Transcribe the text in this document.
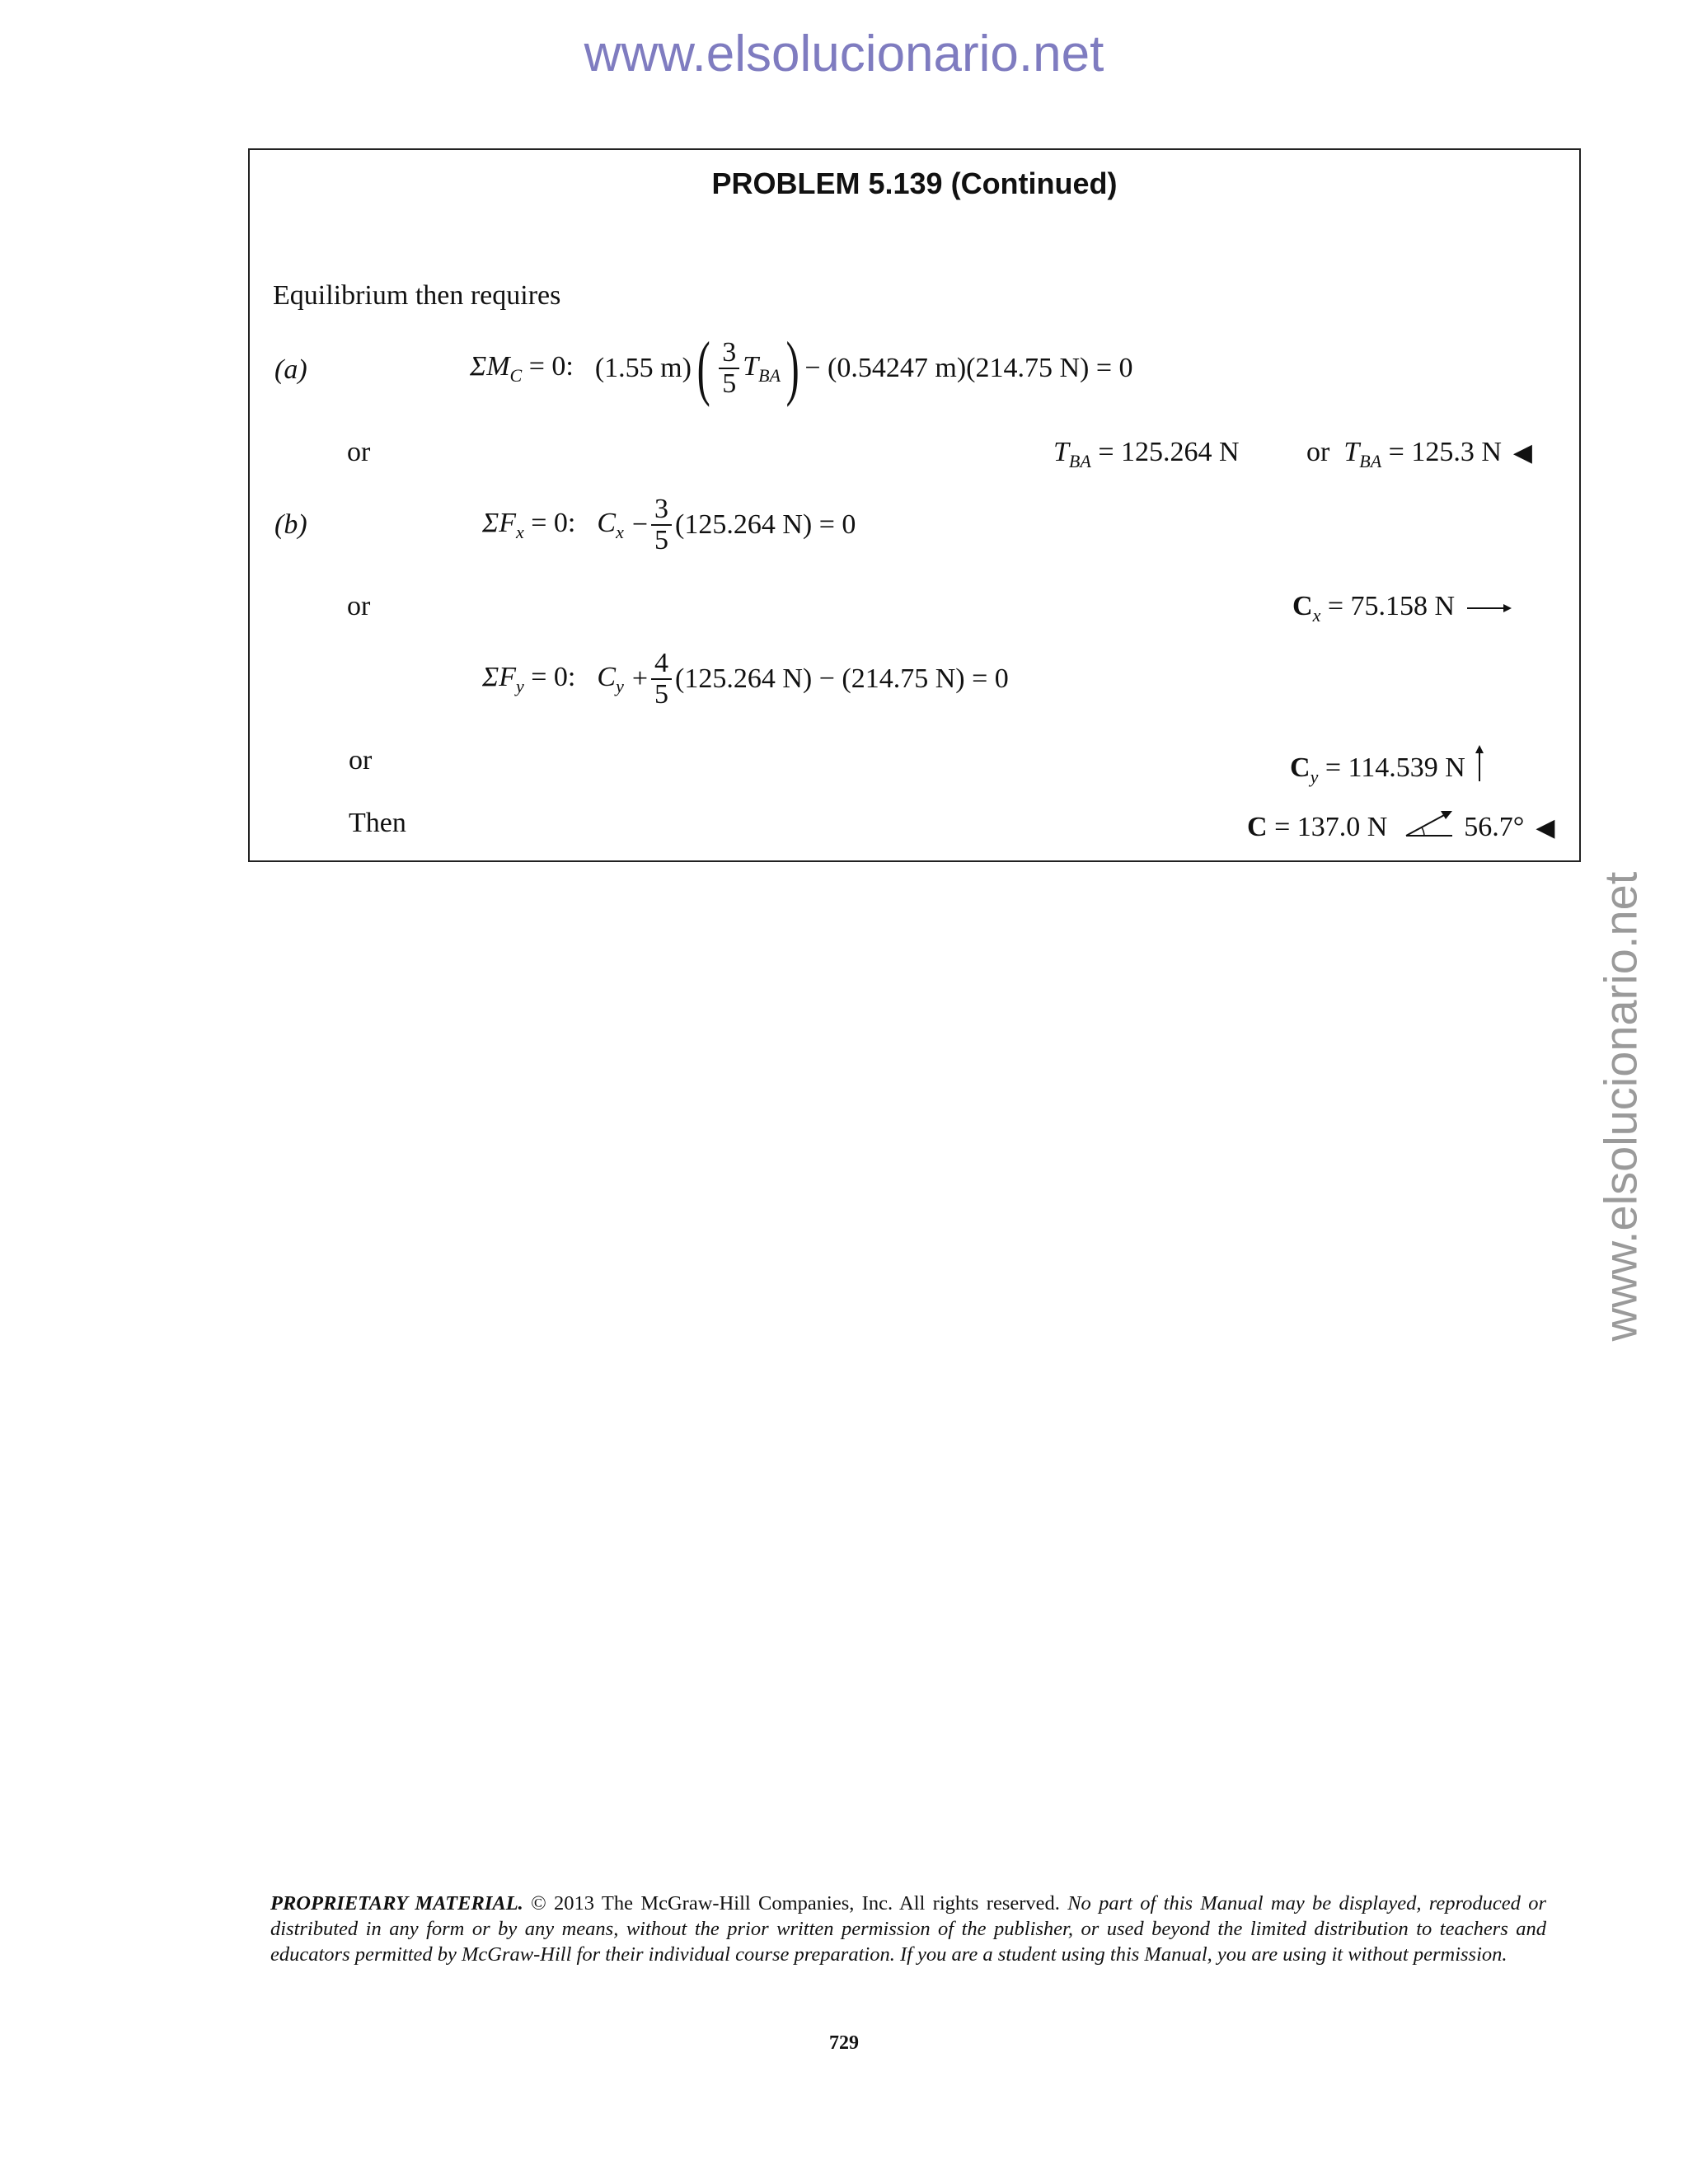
www.elsolucionario.net
www.elsolucionario.net
PROBLEM 5.139 (Continued)
Equilibrium then requires
(a)	$\Sigma M_C = 0$: (1.55 m) ( $\frac{3}{5} T_{BA}$ ) − (0.54247 m)(214.75 N) = 0
or	$T_{BA} = 125.264$ N or $T_{BA} = 125.3$ N ◀
(b)	$\Sigma F_x = 0$: $C_x - \frac{3}{5} (125.264$ N) = 0
or	$C_x = 75.158$ N
$\Sigma F_y = 0$: $C_y + \frac{4}{5} (125.264$ N) − (214.75 N) = 0
or	$C_y = 114.539$ N
Then	C = 137.0 N	56.7° ◀
PROPRIETARY MATERIAL. © 2013 The McGraw-Hill Companies, Inc. All rights reserved. No part of this Manual may be displayed, reproduced or distributed in any form or by any means, without the prior written permission of the publisher, or used beyond the limited distribution to teachers and educators permitted by McGraw-Hill for their individual course preparation. If you are a student using this Manual, you are using it without permission.
729
